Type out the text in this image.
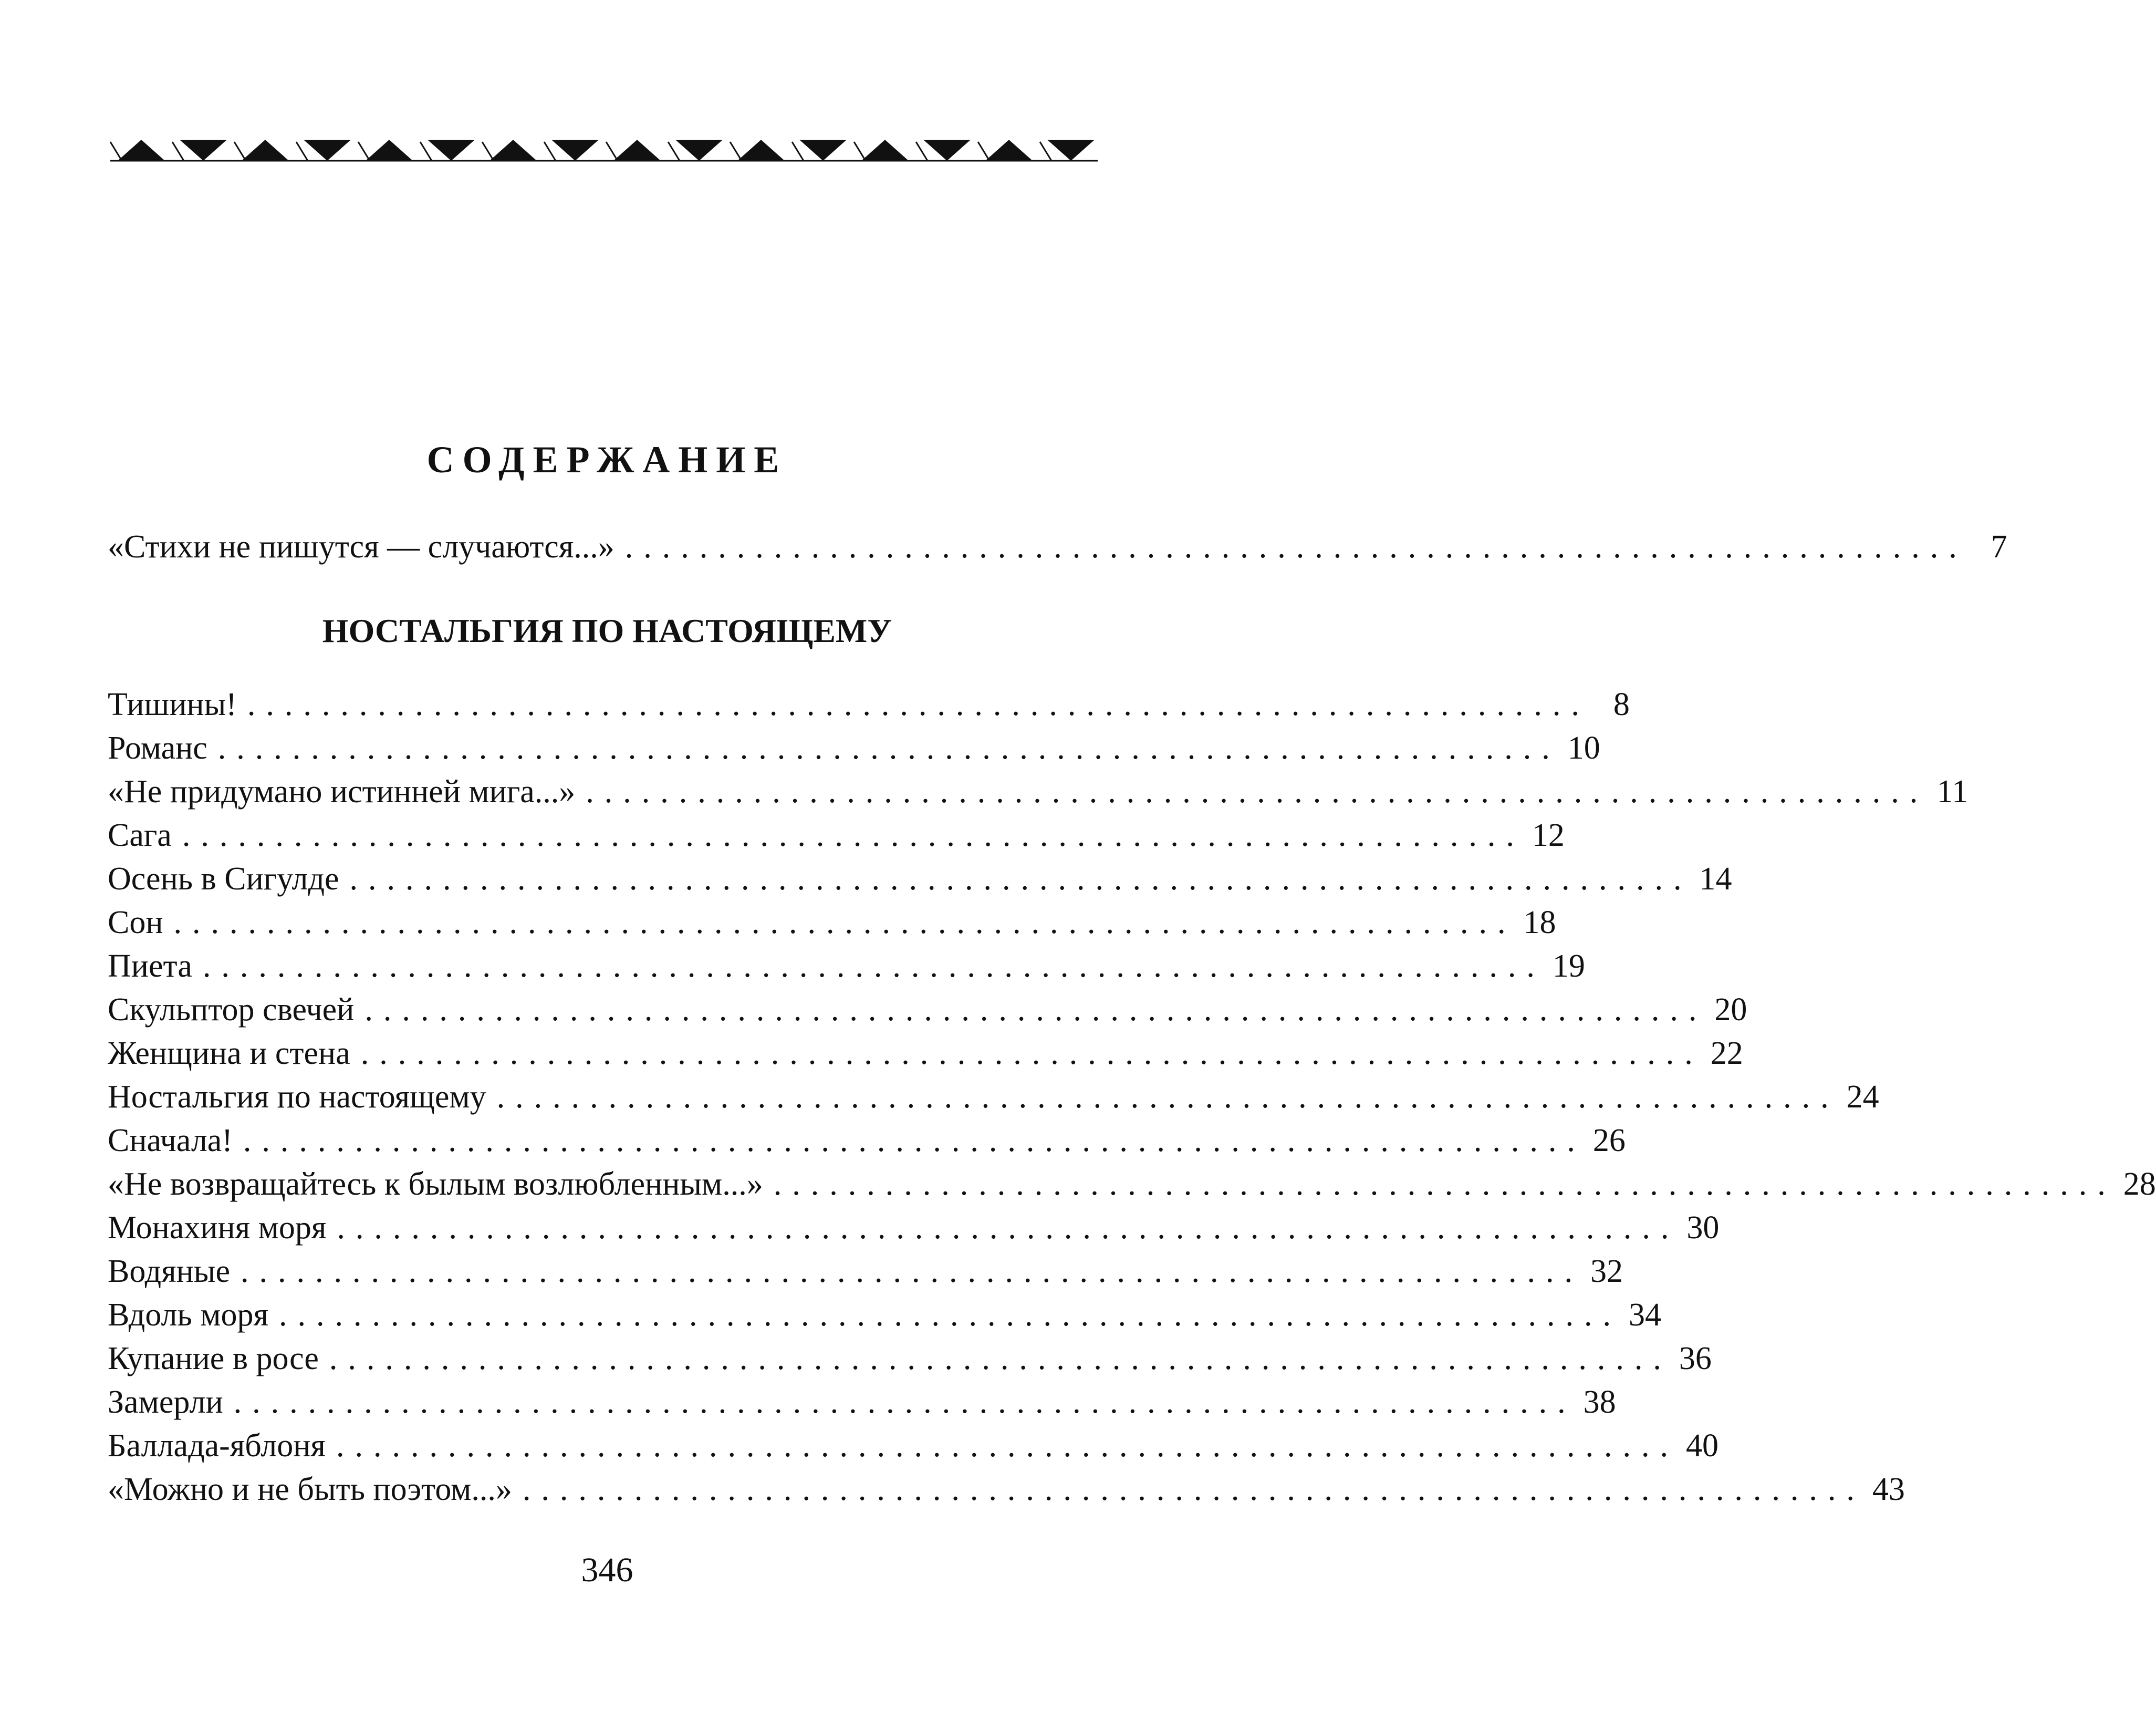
СОДЕРЖАНИЕ
«Стихи не пишутся — случаются...» ........................................................................ 7
НОСТАЛЬГИЯ ПО НАСТОЯЩЕМУ
Тишины! ........................................................................ 8
Романс ........................................................................ 10
«Не придумано истинней мига...» ........................................................................ 11
Сага ........................................................................ 12
Осень в Сигулде ........................................................................ 14
Сон ........................................................................ 18
Пиета ........................................................................ 19
Скульптор свечей ........................................................................ 20
Женщина и стена ........................................................................ 22
Ностальгия по настоящему ........................................................................ 24
Сначала! ........................................................................ 26
«Не возвращайтесь к былым возлюбленным...» ........................................................................ 28
Монахиня моря ........................................................................ 30
Водяные ........................................................................ 32
Вдоль моря ........................................................................ 34
Купание в росе ........................................................................ 36
Замерли ........................................................................ 38
Баллада-яблоня ........................................................................ 40
«Можно и не быть поэтом...» ........................................................................ 43
346
